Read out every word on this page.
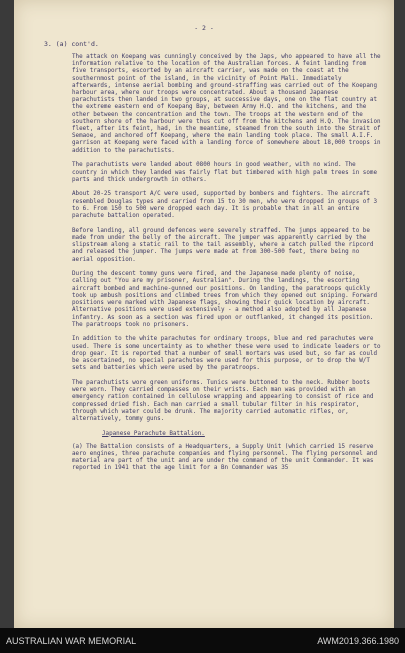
- 2 -
3. (a) cont'd.

The attack on Koepang was cunningly conceived by the Japs, who appeared to have all the information relative to the location of the Australian forces. A feint landing from five transports, escorted by an aircraft carrier, was made on the coast at the southernmost point of the island, in the vicinity of Point Mali. Immediately afterwards, intense aerial bombing and ground-straffing was carried out of the Koepang harbour area, where our troops were concentrated. About a thousand Japanese parachutists then landed in two groups, at successive days, one on the flat country at the extreme eastern end of Koepang Bay, between Army H.Q. and the kitchens, and the other between the concentration and the town. The troops at the western end of the southern shore of the harbour were thus cut off from the kitchens and H.Q. The invasion fleet, after its feint, had, in the meantime, steamed from the south into the Strait of Semaoe, and anchored off Koepang, where the main landing took place. The small A.I.F. garrison at Koepang were faced with a landing force of somewhere about 18,000 troops in addition to the parachutists.

The parachutists were landed about 0800 hours in good weather, with no wind. The country in which they landed was fairly flat but timbered with high palm trees in some parts and thick undergrowth in others.

About 20-25 transport A/C were used, supported by bombers and fighters. The aircraft resembled Douglas types and carried from 15 to 30 men, who were dropped in groups of 3 to 6. From 150 to 500 were dropped each day. It is probable that in all an entire parachute battalion operated.

Before landing, all ground defences were severely straffed. The jumps appeared to be made from under the belly of the aircraft. The jumper was apparently carried by the slipstream along a static rail to the tail assembly, where a catch pulled the ripcord and released the jumper. The jumps were made at from 300-500 feet, there being no aerial opposition.

During the descent tommy guns were fired, and the Japanese made plenty of noise, calling out "You are my prisoner, Australian". During the landings, the escorting aircraft bombed and machine-gunned our positions. On landing, the paratroops quickly took up ambush positions and climbed trees from which they opened out sniping. Forward positions were marked with Japanese flags, showing their quick location by aircraft. Alternative positions were used extensively - a method also adopted by all Japanese infantry. As soon as a section was fired upon or outflanked, it changed its position. The paratroops took no prisoners.

In addition to the white parachutes for ordinary troops, blue and red parachutes were used. There is some uncertainty as to whether these were used to indicate leaders or to drop gear. It is reported that a number of small mortars was used but, so far as could be ascertained, no special parachutes were used for this purpose, or to drop the W/T sets and batteries which were used by the paratroops.

The parachutists wore green uniforms. Tunics were buttoned to the neck. Rubber boots were worn. They carried compasses on their wrists. Each man was provided with an emergency ration contained in cellulose wrapping and appearing to consist of rice and compressed dried fish. Each man carried a small tubular filter in his respirator, through which water could be drunk. The majority carried automatic rifles, or, alternatively, tommy guns.

Japanese Parachute Battalion.

(a) The Battalion consists of a Headquarters, a Supply Unit (which carried 15 reserve aero engines, three parachute companies and flying personnel. The flying personnel and material are part of the unit and are under the command of the unit Commander. It was reported in 1941 that the age limit for a Bn Commander was 35

AUSTRALIAN WAR MEMORIAL	AWM2019.366.1980
